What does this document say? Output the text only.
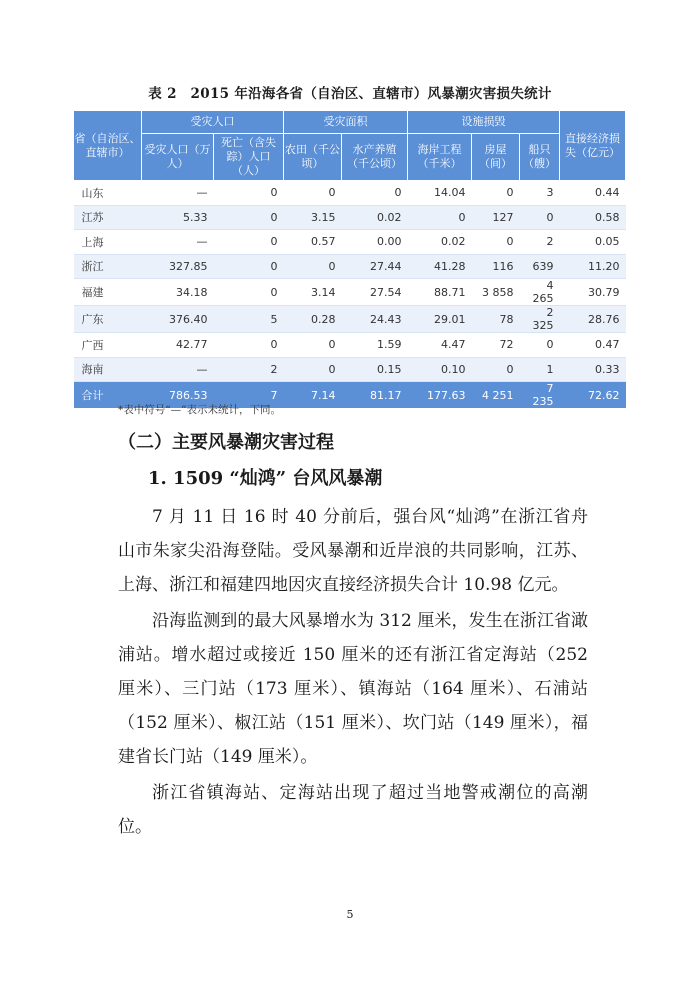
表 2　2015 年沿海各省（自治区、直辖市）风暴潮灾害损失统计
省（自治区、直辖市）	受灾人口		受灾面积		设施损毁			直接经济损失（亿元）
	受灾人口（万人）	死亡（含失踪）人口（人）	农田（千公顷）	水产养殖（千公顷）	海岸工程（千米）	房屋（间）	船只（艘）	
山东	—	0	0	0	14.04	0	3	0.44
江苏	5.33	0	3.15	0.02	0	127	0	0.58
上海	—	0	0.57	0.00	0.02	0	2	0.05
浙江	327.85	0	0	27.44	41.28	116	639	11.20
福建	34.18	0	3.14	27.54	88.71	3 858	4 265	30.79
广东	376.40	5	0.28	24.43	29.01	78	2 325	28.76
广西	42.77	0	0	1.59	4.47	72	0	0.47
海南	—	2	0	0.15	0.10	0	1	0.33
合计	786.53	7	7.14	81.17	177.63	4 251	7 235	72.62
*表中符号“—”表示未统计，下同。
（二）主要风暴潮灾害过程
1. 1509 “灿鸿” 台风风暴潮

7 月 11 日 16 时 40 分前后，强台风“灿鸿”在浙江省舟山市朱家尖沿海登陆。受风暴潮和近岸浪的共同影响，江苏、上海、浙江和福建四地因灾直接经济损失合计 10.98 亿元。

沿海监测到的最大风暴增水为 312 厘米，发生在浙江省澉浦站。增水超过或接近 150 厘米的还有浙江省定海站（252 厘米）、三门站（173 厘米）、镇海站（164 厘米）、石浦站（152 厘米）、椒江站（151 厘米）、坎门站（149 厘米），福建省长门站（149 厘米）。

浙江省镇海站、定海站出现了超过当地警戒潮位的高潮位。

5
